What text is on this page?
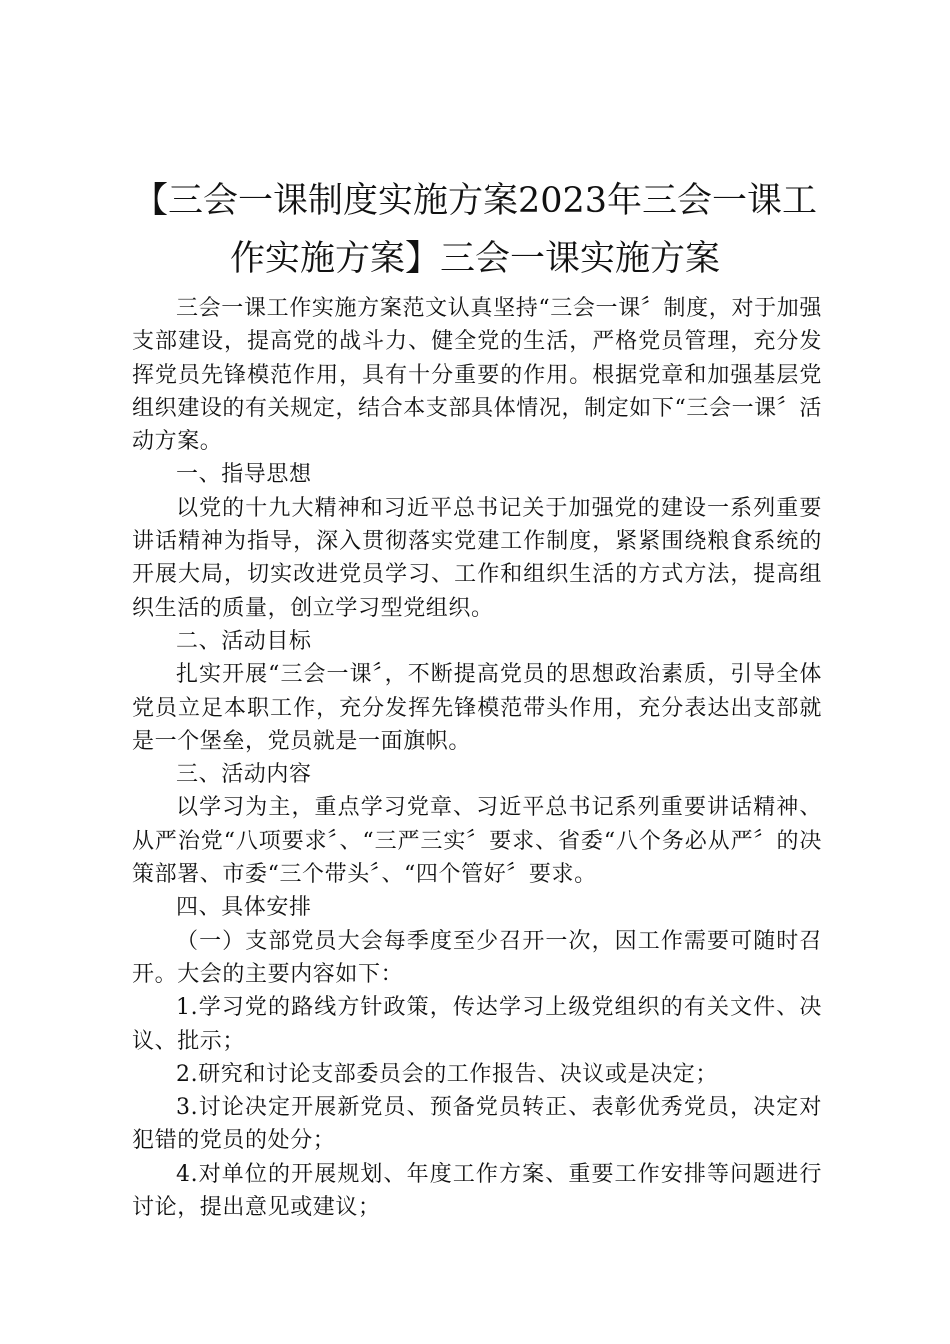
【三会一课制度实施方案2023年三会一课工作实施方案】三会一课实施方案

三会一课工作实施方案范文认真坚持“三会一课〞制度，对于加强支部建设，提高党的战斗力、健全党的生活，严格党员管理，充分发挥党员先锋模范作用，具有十分重要的作用。根据党章和加强基层党组织建设的有关规定，结合本支部具体情况，制定如下“三会一课〞活动方案。

一、指导思想

以党的十九大精神和习近平总书记关于加强党的建设一系列重要讲话精神为指导，深入贯彻落实党建工作制度，紧紧围绕粮食系统的开展大局，切实改进党员学习、工作和组织生活的方式方法，提高组织生活的质量，创立学习型党组织。

二、活动目标

扎实开展“三会一课〞，不断提高党员的思想政治素质，引导全体党员立足本职工作，充分发挥先锋模范带头作用，充分表达出支部就是一个堡垒，党员就是一面旗帜。

三、活动内容

以学习为主，重点学习党章、习近平总书记系列重要讲话精神、从严治党“八项要求〞、“三严三实〞要求、省委“八个务必从严〞的决策部署、市委“三个带头〞、“四个管好〞要求。

四、具体安排

（一）支部党员大会每季度至少召开一次，因工作需要可随时召开。大会的主要内容如下：

1.学习党的路线方针政策，传达学习上级党组织的有关文件、决议、批示；

2.研究和讨论支部委员会的工作报告、决议或是决定；

3.讨论决定开展新党员、预备党员转正、表彰优秀党员，决定对犯错的党员的处分；

4.对单位的开展规划、年度工作方案、重要工作安排等问题进行讨论，提出意见或建议；
